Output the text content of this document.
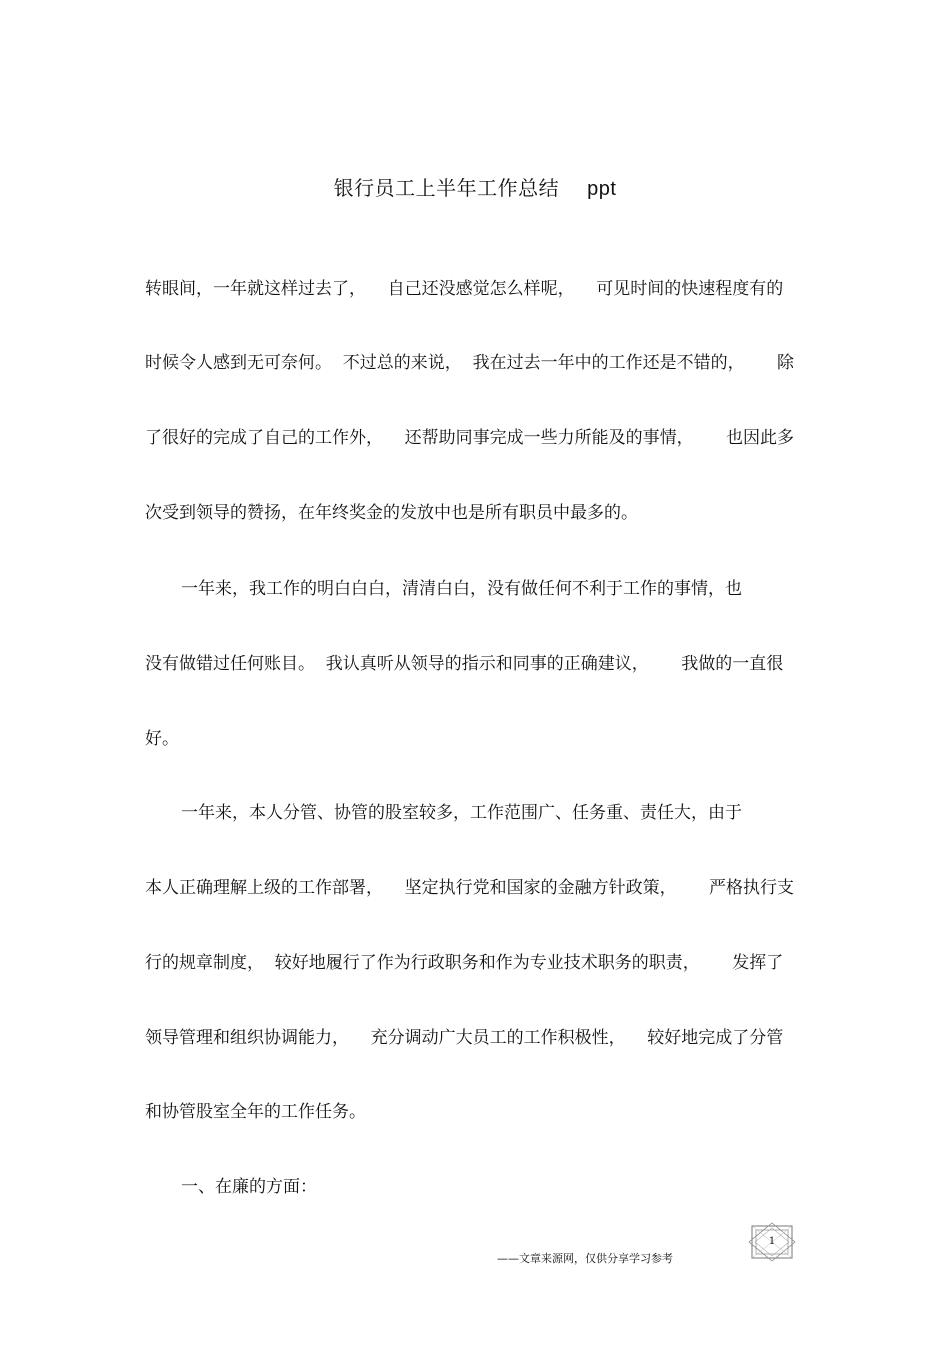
银行员工上半年工作总结 ppt
转眼间，一年就这样过去了，    自己还没感觉怎么样呢，    可见时间的快速程度有的
时候令人感到无可奈何。  不过总的来说，  我在过去一年中的工作还是不错的，      除
了很好的完成了自己的工作外，    还帮助同事完成一些力所能及的事情，      也因此多
次受到领导的赞扬，在年终奖金的发放中也是所有职员中最多的。
一年来，我工作的明白白白，清清白白，没有做任何不利于工作的事情，也
没有做错过任何账目。  我认真听从领导的指示和同事的正确建议，      我做的一直很
好。
一年来，本人分管、协管的股室较多，工作范围广、任务重、责任大，由于
本人正确理解上级的工作部署，    坚定执行党和国家的金融方针政策，      严格执行支
行的规章制度，  较好地履行了作为行政职务和作为专业技术职务的职责，      发挥了
领导管理和组织协调能力，    充分调动广大员工的工作积极性，    较好地完成了分管
和协管股室全年的工作任务。
一、在廉的方面：
——文章来源网，仅供分享学习参考
1
